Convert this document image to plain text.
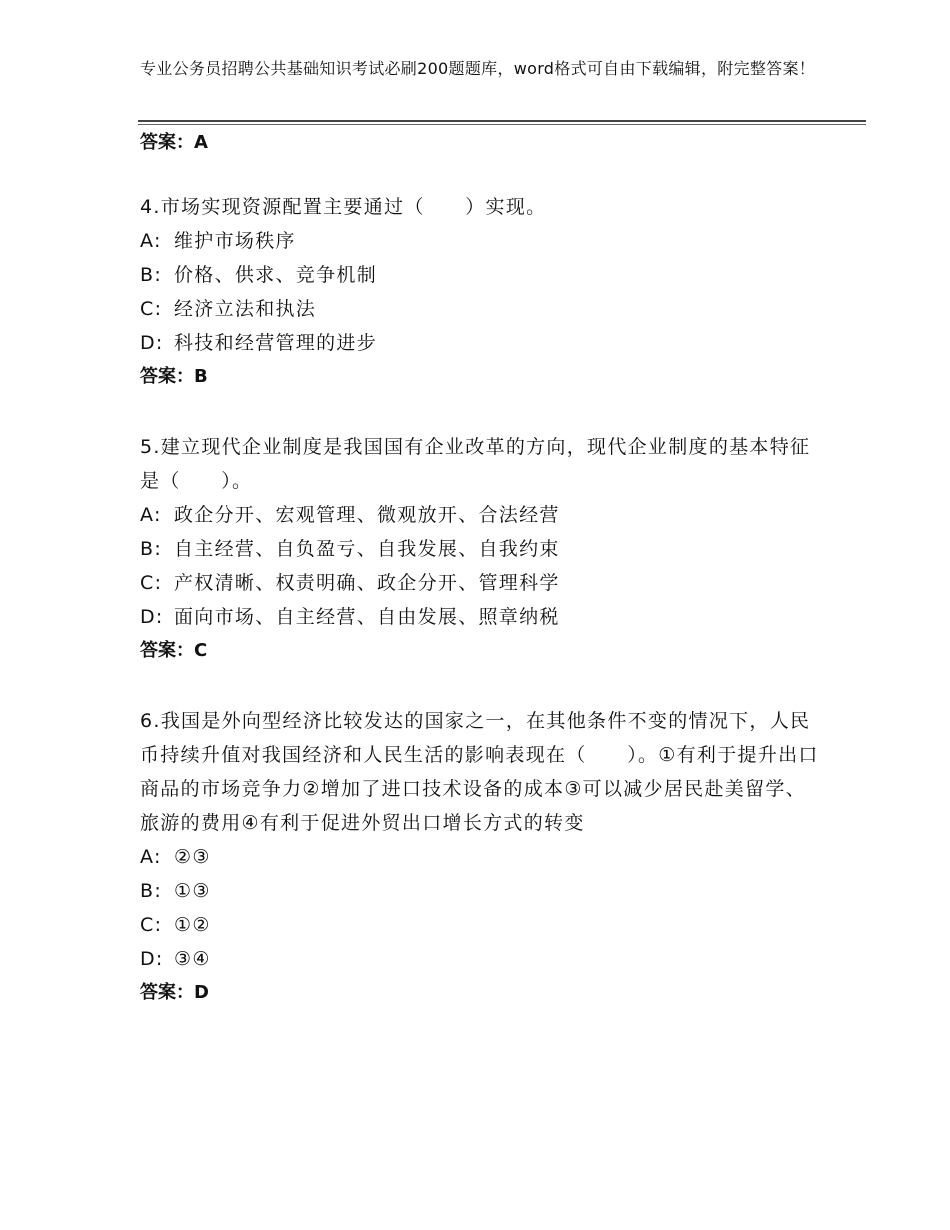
专业公务员招聘公共基础知识考试必刷200题题库，word格式可自由下载编辑，附完整答案！

答案：A

4.市场实现资源配置主要通过（　　）实现。

A: 维护市场秩序

B: 价格、供求、竞争机制

C: 经济立法和执法

D: 科技和经营管理的进步

答案：B

5.建立现代企业制度是我国国有企业改革的方向，现代企业制度的基本特征是（　　）。

A: 政企分开、宏观管理、微观放开、合法经营

B: 自主经营、自负盈亏、自我发展、自我约束

C: 产权清晰、权责明确、政企分开、管理科学

D: 面向市场、自主经营、自由发展、照章纳税

答案：C

6.我国是外向型经济比较发达的国家之一，在其他条件不变的情况下，人民币持续升值对我国经济和人民生活的影响表现在（　　）。①有利于提升出口商品的市场竞争力②增加了进口技术设备的成本③可以减少居民赴美留学、旅游的费用④有利于促进外贸出口增长方式的转变

A: ②③

B: ①③

C: ①②

D: ③④

答案：D
